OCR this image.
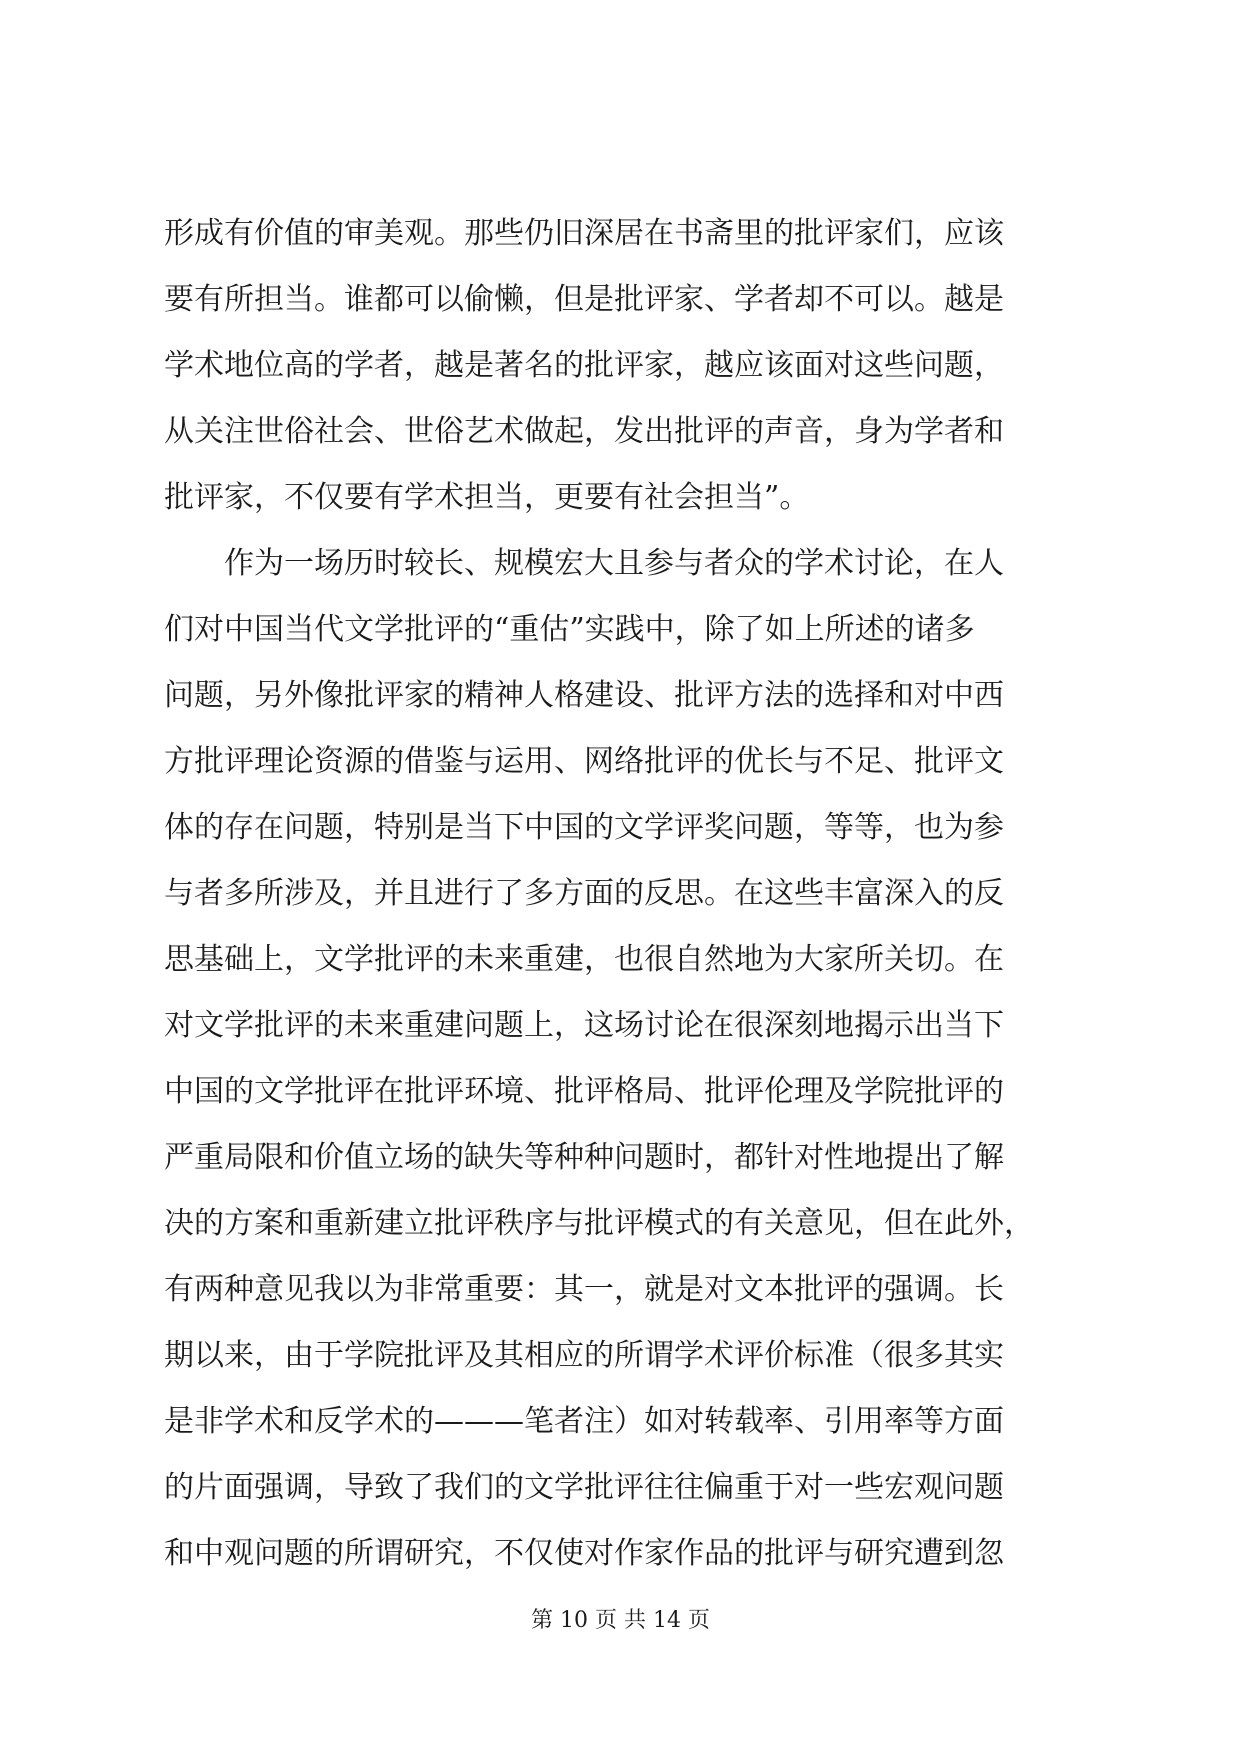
形成有价值的审美观。那些仍旧深居在书斋里的批评家们，应该
要有所担当。谁都可以偷懒，但是批评家、学者却不可以。越是
学术地位高的学者，越是著名的批评家，越应该面对这些问题，
从关注世俗社会、世俗艺术做起，发出批评的声音，身为学者和
批评家，不仅要有学术担当，更要有社会担当”。
　　作为一场历时较长、规模宏大且参与者众的学术讨论，在人
们对中国当代文学批评的“重估”实践中，除了如上所述的诸多
问题，另外像批评家的精神人格建设、批评方法的选择和对中西
方批评理论资源的借鉴与运用、网络批评的优长与不足、批评文
体的存在问题，特别是当下中国的文学评奖问题，等等，也为参
与者多所涉及，并且进行了多方面的反思。在这些丰富深入的反
思基础上，文学批评的未来重建，也很自然地为大家所关切。在
对文学批评的未来重建问题上，这场讨论在很深刻地揭示出当下
中国的文学批评在批评环境、批评格局、批评伦理及学院批评的
严重局限和价值立场的缺失等种种问题时，都针对性地提出了解
决的方案和重新建立批评秩序与批评模式的有关意见，但在此外，
有两种意见我以为非常重要：其一，就是对文本批评的强调。长
期以来，由于学院批评及其相应的所谓学术评价标准（很多其实
是非学术和反学术的———笔者注）如对转载率、引用率等方面
的片面强调，导致了我们的文学批评往往偏重于对一些宏观问题
和中观问题的所谓研究，不仅使对作家作品的批评与研究遭到忽
第 10 页 共 14 页
